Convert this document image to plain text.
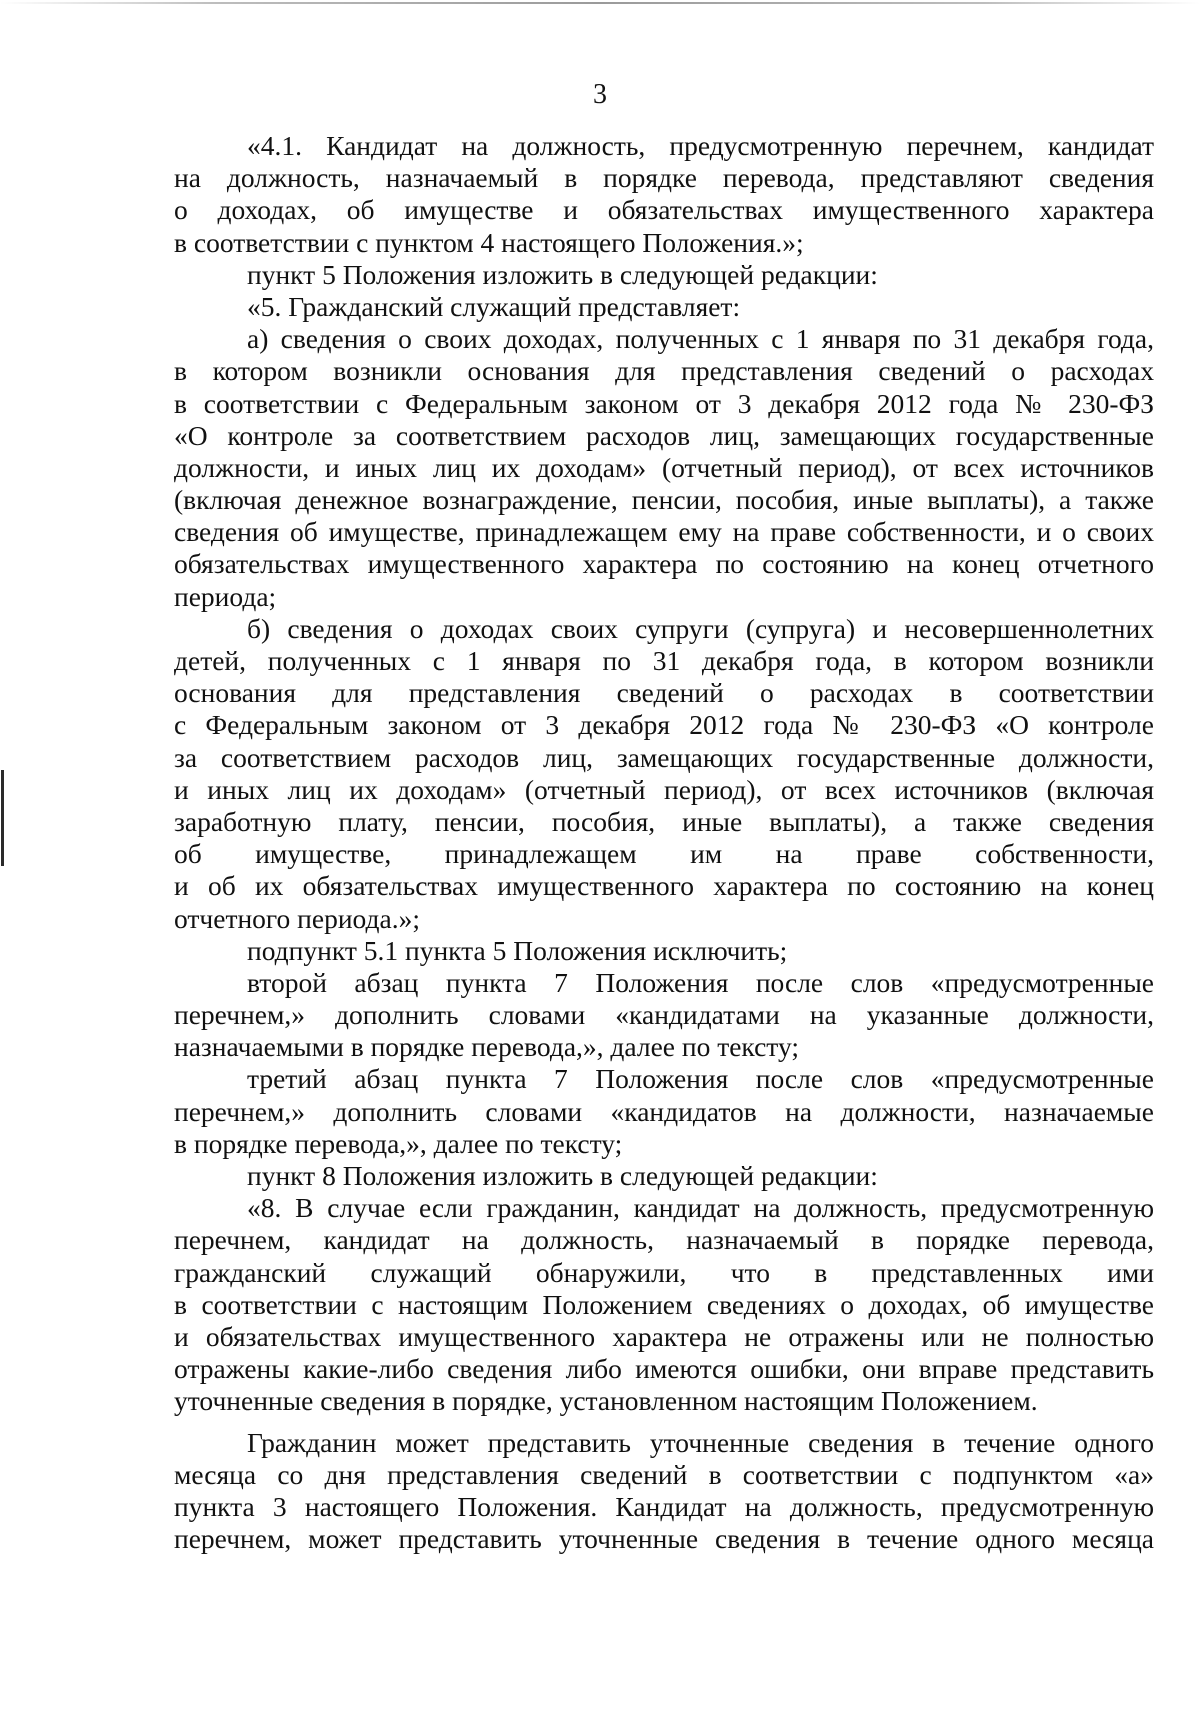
3
«4.1. Кандидат на должность, предусмотренную перечнем, кандидат
на должность, назначаемый в порядке перевода, представляют сведения
о доходах, об имуществе и обязательствах имущественного характера
в соответствии с пунктом 4 настоящего Положения.»;
пункт 5 Положения изложить в следующей редакции:
«5. Гражданский служащий представляет:
а) сведения о своих доходах, полученных с 1 января по 31 декабря года,
в котором возникли основания для представления сведений о расходах
в соответствии с Федеральным законом от 3 декабря 2012 года № 230-ФЗ
«О контроле за соответствием расходов лиц, замещающих государственные
должности, и иных лиц их доходам» (отчетный период), от всех источников
(включая денежное вознаграждение, пенсии, пособия, иные выплаты), а также
сведения об имуществе, принадлежащем ему на праве собственности, и о своих
обязательствах имущественного характера по состоянию на конец отчетного
периода;
б) сведения о доходах своих супруги (супруга) и несовершеннолетних
детей, полученных с 1 января по 31 декабря года, в котором возникли
основания для представления сведений о расходах в соответствии
с Федеральным законом от 3 декабря 2012 года № 230-ФЗ «О контроле
за соответствием расходов лиц, замещающих государственные должности,
и иных лиц их доходам» (отчетный период), от всех источников (включая
заработную плату, пенсии, пособия, иные выплаты), а также сведения
об имуществе, принадлежащем им на праве собственности,
и об их обязательствах имущественного характера по состоянию на конец
отчетного периода.»;
подпункт 5.1 пункта 5 Положения исключить;
второй абзац пункта 7 Положения после слов «предусмотренные
перечнем,» дополнить словами «кандидатами на указанные должности,
назначаемыми в порядке перевода,», далее по тексту;
третий абзац пункта 7 Положения после слов «предусмотренные
перечнем,» дополнить словами «кандидатов на должности, назначаемые
в порядке перевода,», далее по тексту;
пункт 8 Положения изложить в следующей редакции:
«8. В случае если гражданин, кандидат на должность, предусмотренную
перечнем, кандидат на должность, назначаемый в порядке перевода,
гражданский служащий обнаружили, что в представленных ими
в соответствии с настоящим Положением сведениях о доходах, об имуществе
и обязательствах имущественного характера не отражены или не полностью
отражены какие-либо сведения либо имеются ошибки, они вправе представить
уточненные сведения в порядке, установленном настоящим Положением.
Гражданин может представить уточненные сведения в течение одного
месяца со дня представления сведений в соответствии с подпунктом «а»
пункта 3 настоящего Положения. Кандидат на должность, предусмотренную
перечнем, может представить уточненные сведения в течение одного месяца
